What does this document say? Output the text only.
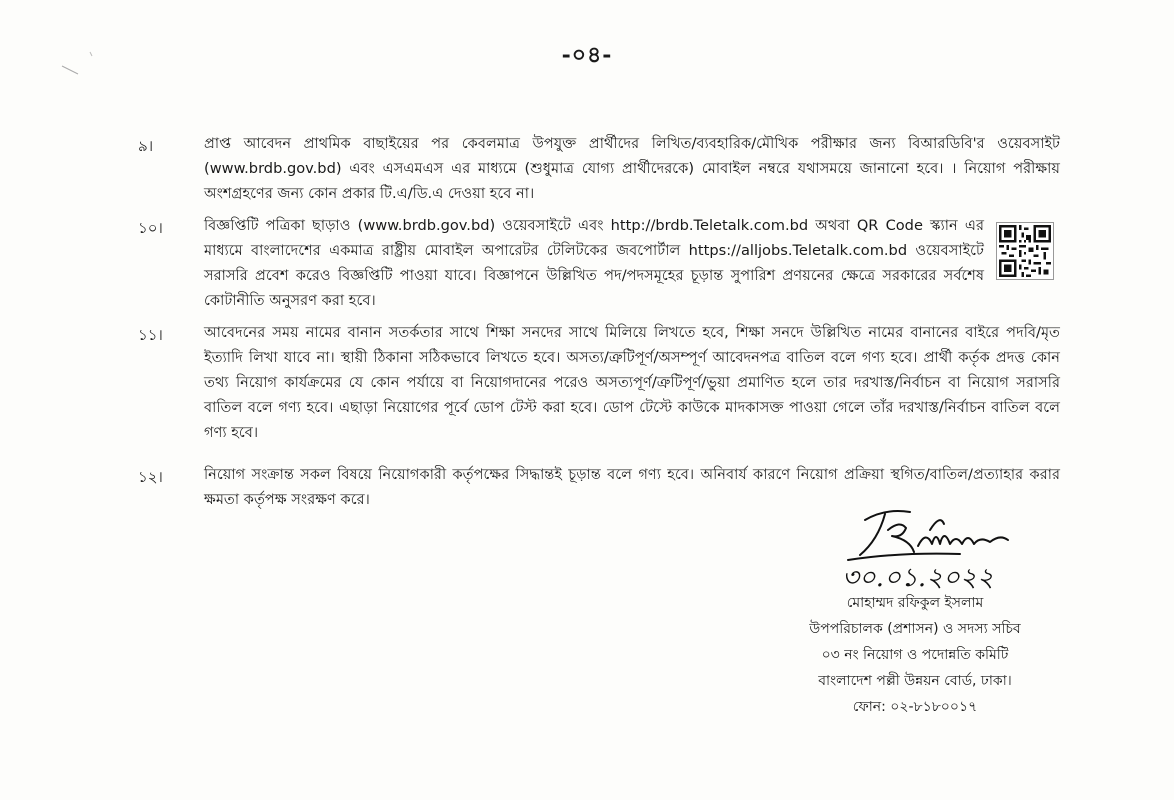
-০৪-
৯।	প্রাপ্ত আবেদন প্রাথমিক বাছাইয়ের পর কেবলমাত্র উপযুক্ত প্রার্থীদের লিখিত/ব্যবহারিক/মৌখিক পরীক্ষার জন্য বিআরডিবি'র ওয়েবসাইট (www.brdb.gov.bd) এবং এসএমএস এর মাধ্যমে (শুধুমাত্র যোগ্য প্রার্থীদেরকে) মোবাইল নম্বরে যথাসময়ে জানানো হবে। । নিয়োগ পরীক্ষায় অংশগ্রহণের জন্য কোন প্রকার টি.এ/ডি.এ দেওয়া হবে না।
১০।	বিজ্ঞপ্তিটি পত্রিকা ছাড়াও (www.brdb.gov.bd) ওয়েবসাইটে এবং http://brdb.Teletalk.com.bd অথবা QR Code স্ক্যান এর মাধ্যমে বাংলাদেশের একমাত্র রাষ্ট্রীয় মোবাইল অপারেটর টেলিটকের জবপোর্টাল https://alljobs.Teletalk.com.bd ওয়েবসাইটে সরাসরি প্রবেশ করেও বিজ্ঞপ্তিটি পাওয়া যাবে। বিজ্ঞাপনে উল্লিখিত পদ/পদসমূহের চূড়ান্ত সুপারিশ প্রণয়নের ক্ষেত্রে সরকারের সর্বশেষ কোটানীতি অনুসরণ করা হবে।
১১।	আবেদনের সময় নামের বানান সতর্কতার সাথে শিক্ষা সনদের সাথে মিলিয়ে লিখতে হবে, শিক্ষা সনদে উল্লিখিত নামের বানানের বাইরে পদবি/মৃত ইত্যাদি লিখা যাবে না। স্থায়ী ঠিকানা সঠিকভাবে লিখতে হবে। অসত্য/ত্রুটিপূর্ণ/অসম্পূর্ণ আবেদনপত্র বাতিল বলে গণ্য হবে। প্রার্থী কর্তৃক প্রদত্ত কোন তথ্য নিয়োগ কার্যক্রমের যে কোন পর্যায়ে বা নিয়োগদানের পরেও অসত্যপূর্ণ/ত্রুটিপূর্ণ/ভুয়া প্রমাণিত হলে তার দরখাস্ত/নির্বাচন বা নিয়োগ সরাসরি বাতিল বলে গণ্য হবে। এছাড়া নিয়োগের পূর্বে ডোপ টেস্ট করা হবে। ডোপ টেস্টে কাউকে মাদকাসক্ত পাওয়া গেলে তাঁর দরখাস্ত/নির্বাচন বাতিল বলে গণ্য হবে।
১২।	নিয়োগ সংক্রান্ত সকল বিষয়ে নিয়োগকারী কর্তৃপক্ষের সিদ্ধান্তই চূড়ান্ত বলে গণ্য হবে। অনিবার্য কারণে নিয়োগ প্রক্রিয়া স্থগিত/বাতিল/প্রত্যাহার করার ক্ষমতা কর্তৃপক্ষ সংরক্ষণ করে।
৩০.০১.২০২২
মোহাম্মদ রফিকুল ইসলাম
উপপরিচালক (প্রশাসন) ও সদস্য সচিব
০৩ নং নিয়োগ ও পদোন্নতি কমিটি
বাংলাদেশ পল্লী উন্নয়ন বোর্ড, ঢাকা।
ফোন: ০২-৮১৮০০১৭
